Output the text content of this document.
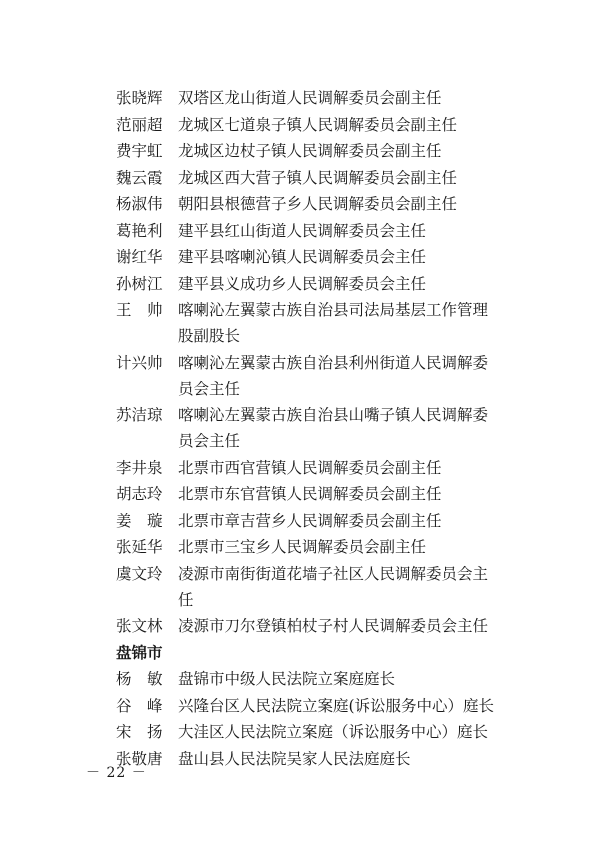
张晓辉 双塔区龙山街道人民调解委员会副主任
范丽超 龙城区七道泉子镇人民调解委员会副主任
费宇虹 龙城区边杖子镇人民调解委员会副主任
魏云霞 龙城区西大营子镇人民调解委员会副主任
杨淑伟 朝阳县根德营子乡人民调解委员会副主任
葛艳利 建平县红山街道人民调解委员会主任
谢红华 建平县喀喇沁镇人民调解委员会主任
孙树江 建平县义成功乡人民调解委员会主任
王　帅 喀喇沁左翼蒙古族自治县司法局基层工作管理股副股长
计兴帅 喀喇沁左翼蒙古族自治县利州街道人民调解委员会主任
苏洁琼 喀喇沁左翼蒙古族自治县山嘴子镇人民调解委员会主任
李井泉 北票市西官营镇人民调解委员会副主任
胡志玲 北票市东官营镇人民调解委员会副主任
姜　璇 北票市章吉营乡人民调解委员会副主任
张延华 北票市三宝乡人民调解委员会副主任
虞文玲 凌源市南街街道花墙子社区人民调解委员会主任
张文林 凌源市刀尔登镇柏杖子村人民调解委员会主任
盘锦市
杨　敏 盘锦市中级人民法院立案庭庭长
谷　峰 兴隆台区人民法院立案庭(诉讼服务中心）庭长
宋　扬 大洼区人民法院立案庭（诉讼服务中心）庭长
张敬唐 盘山县人民法院吴家人民法庭庭长
－ 22 －
